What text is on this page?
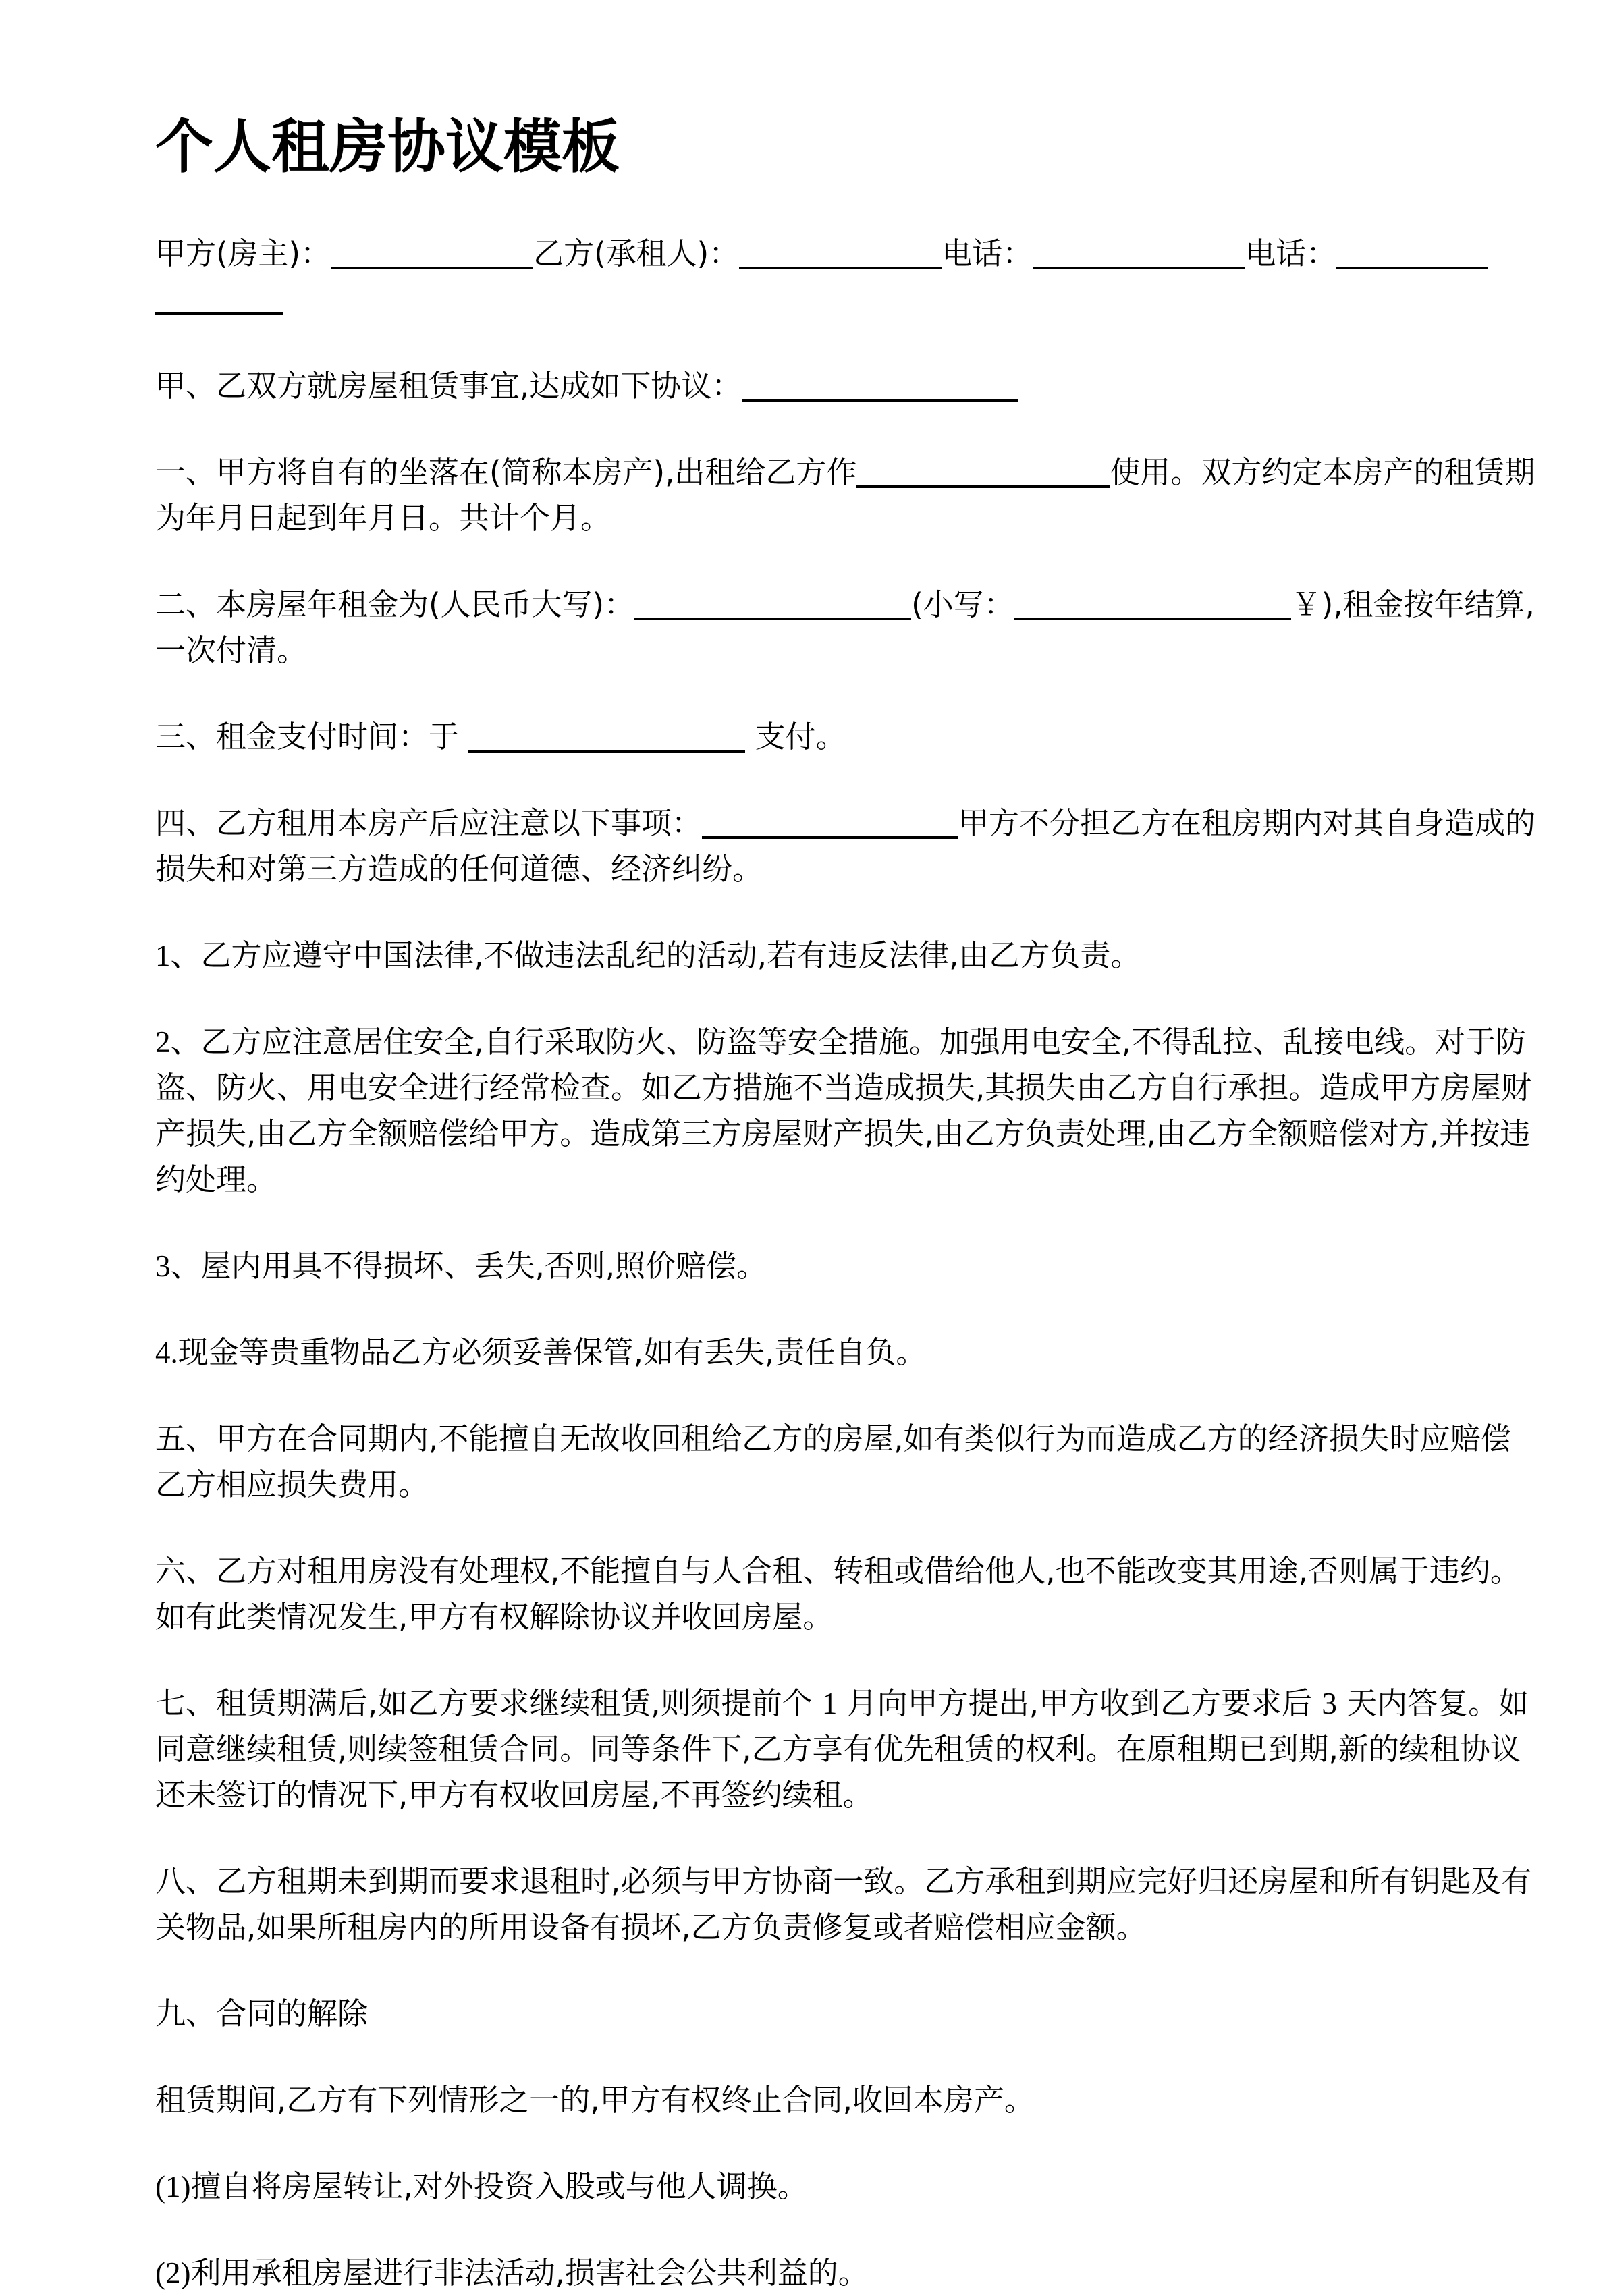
个人租房协议模板

甲方(房主)：	乙方(承租人)：	电话：	电话：

甲、乙双方就房屋租赁事宜,达成如下协议：

一、甲方将自有的坐落在(简称本房产),出租给乙方作	使用。双方约定本房产的租赁期为年月日起到年月日。共计个月。

二、本房屋年租金为(人民币大写)：	(小写：	￥),租金按年结算,一次付清。

三、租金支付时间：于	支付。

四、乙方租用本房产后应注意以下事项：	甲方不分担乙方在租房期内对其自身造成的损失和对第三方造成的任何道德、经济纠纷。

1、乙方应遵守中国法律,不做违法乱纪的活动,若有违反法律,由乙方负责。

2、乙方应注意居住安全,自行采取防火、防盗等安全措施。加强用电安全,不得乱拉、乱接电线。对于防盗、防火、用电安全进行经常检查。如乙方措施不当造成损失,其损失由乙方自行承担。造成甲方房屋财产损失,由乙方全额赔偿给甲方。造成第三方房屋财产损失,由乙方负责处理,由乙方全额赔偿对方,并按违约处理。

3、屋内用具不得损坏、丢失,否则,照价赔偿。

4.现金等贵重物品乙方必须妥善保管,如有丢失,责任自负。

五、甲方在合同期内,不能擅自无故收回租给乙方的房屋,如有类似行为而造成乙方的经济损失时应赔偿乙方相应损失费用。

六、乙方对租用房没有处理权,不能擅自与人合租、转租或借给他人,也不能改变其用途,否则属于违约。如有此类情况发生,甲方有权解除协议并收回房屋。

七、租赁期满后,如乙方要求继续租赁,则须提前个 1 月向甲方提出,甲方收到乙方要求后 3 天内答复。如同意继续租赁,则续签租赁合同。同等条件下,乙方享有优先租赁的权利。在原租期已到期,新的续租协议还未签订的情况下,甲方有权收回房屋,不再签约续租。

八、乙方租期未到期而要求退租时,必须与甲方协商一致。乙方承租到期应完好归还房屋和所有钥匙及有关物品,如果所租房内的所用设备有损坏,乙方负责修复或者赔偿相应金额。

九、合同的解除

租赁期间,乙方有下列情形之一的,甲方有权终止合同,收回本房产。

(1)擅自将房屋转让,对外投资入股或与他人调换。

(2)利用承租房屋进行非法活动,损害社会公共利益的。
